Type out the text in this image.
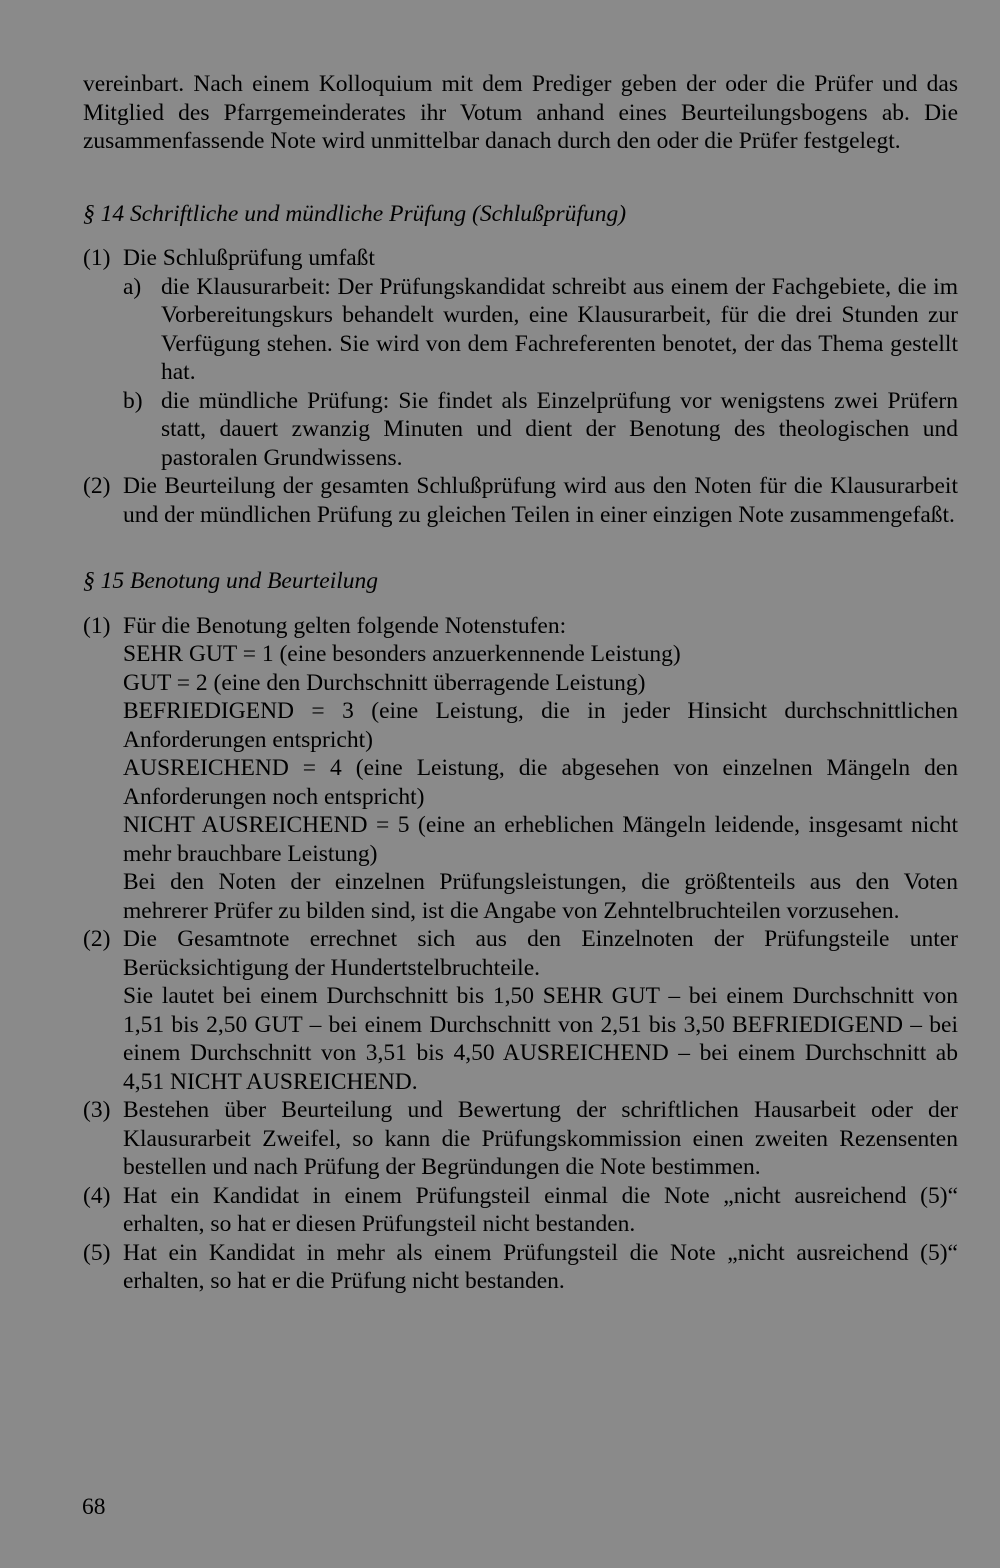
vereinbart. Nach einem Kolloquium mit dem Prediger geben der oder die Prüfer und das Mitglied des Pfarrgemeinderates ihr Votum anhand eines Beurteilungsbogens ab. Die zusammenfassende Note wird unmittelbar danach durch den oder die Prüfer festgelegt.

§ 14 Schriftliche und mündliche Prüfung (Schlußprüfung)

(1) Die Schlußprüfung umfaßt
a) die Klausurarbeit: Der Prüfungskandidat schreibt aus einem der Fachgebiete, die im Vorbereitungskurs behandelt wurden, eine Klausurarbeit, für die drei Stunden zur Verfügung stehen. Sie wird von dem Fachreferenten benotet, der das Thema gestellt hat.
b) die mündliche Prüfung: Sie findet als Einzelprüfung vor wenigstens zwei Prüfern statt, dauert zwanzig Minuten und dient der Benotung des theologischen und pastoralen Grundwissens.
(2) Die Beurteilung der gesamten Schlußprüfung wird aus den Noten für die Klausurarbeit und der mündlichen Prüfung zu gleichen Teilen in einer einzigen Note zusammengefaßt.

§ 15 Benotung und Beurteilung

(1) Für die Benotung gelten folgende Notenstufen:

SEHR GUT = 1 (eine besonders anzuerkennende Leistung)

GUT = 2 (eine den Durchschnitt überragende Leistung)

BEFRIEDIGEND = 3 (eine Leistung, die in jeder Hinsicht durchschnittlichen Anforderungen entspricht)

AUSREICHEND = 4 (eine Leistung, die abgesehen von einzelnen Mängeln den Anforderungen noch entspricht)

NICHT AUSREICHEND = 5 (eine an erheblichen Mängeln leidende, insgesamt nicht mehr brauchbare Leistung)

Bei den Noten der einzelnen Prüfungsleistungen, die größtenteils aus den Voten mehrerer Prüfer zu bilden sind, ist die Angabe von Zehntelbruchteilen vorzusehen.

(2) Die Gesamtnote errechnet sich aus den Einzelnoten der Prüfungsteile unter Berücksichtigung der Hundertstelbruchteile.

Sie lautet bei einem Durchschnitt bis 1,50 SEHR GUT – bei einem Durchschnitt von 1,51 bis 2,50 GUT – bei einem Durchschnitt von 2,51 bis 3,50 BEFRIEDIGEND – bei einem Durchschnitt von 3,51 bis 4,50 AUSREICHEND – bei einem Durchschnitt ab 4,51 NICHT AUSREICHEND.

(3) Bestehen über Beurteilung und Bewertung der schriftlichen Hausarbeit oder der Klausurarbeit Zweifel, so kann die Prüfungskommission einen zweiten Rezensenten bestellen und nach Prüfung der Begründungen die Note bestimmen.
(4) Hat ein Kandidat in einem Prüfungsteil einmal die Note „nicht ausreichend (5)“ erhalten, so hat er diesen Prüfungsteil nicht bestanden.
(5) Hat ein Kandidat in mehr als einem Prüfungsteil die Note „nicht ausreichend (5)“ erhalten, so hat er die Prüfung nicht bestanden.
68
